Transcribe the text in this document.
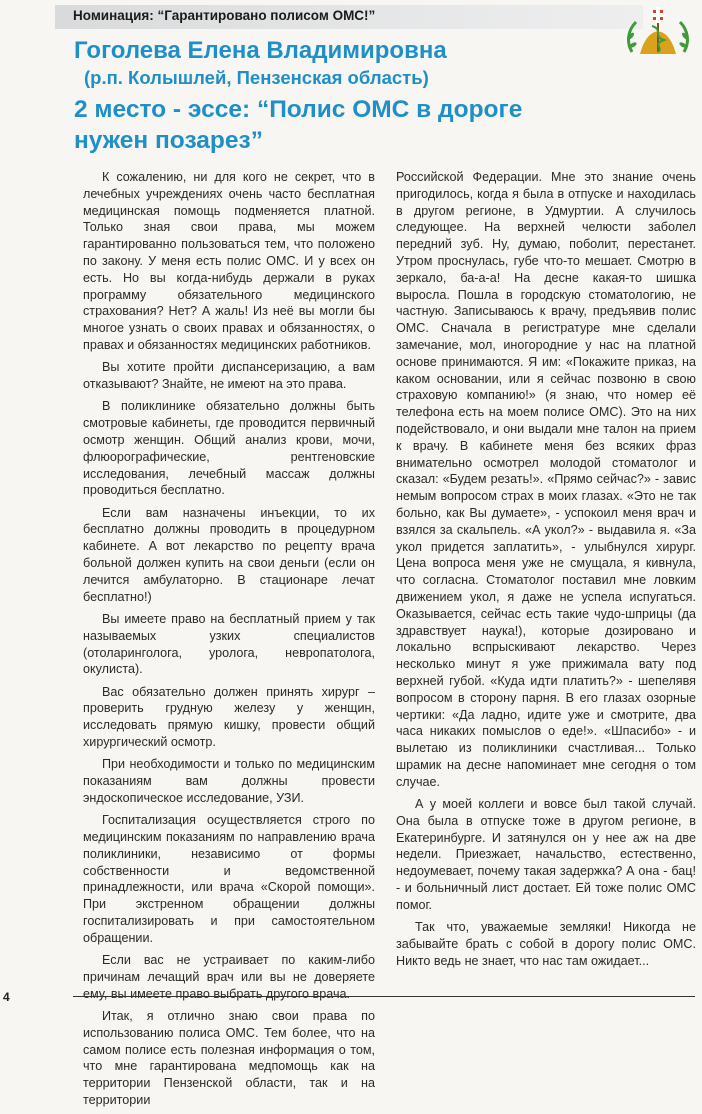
Номинация: “Гарантировано полисом ОМС!”
Гоголева Елена Владимировна
(р.п. Колышлей, Пензенская область)
2 место - эссе: “Полис ОМС в дороге нужен позарез”

К сожалению, ни для кого не секрет, что в лечебных учреждениях очень часто бесплатная медицинская помощь подменяется платной. Только зная свои права, мы можем гарантированно пользоваться тем, что положено по закону. У меня есть полис ОМС. И у всех он есть. Но вы когда-нибудь держали в руках программу обязательного медицинского страхования? Нет? А жаль! Из неё вы могли бы многое узнать о своих правах и обязанностях, о правах и обязанностях медицинских работников.

Вы хотите пройти диспансеризацию, а вам отказывают? Знайте, не имеют на это права.

В поликлинике обязательно должны быть смотровые кабинеты, где проводится первичный осмотр женщин. Общий анализ крови, мочи, флюорографические, рентгеновские исследования, лечебный массаж должны проводиться бесплатно.

Если вам назначены инъекции, то их бесплатно должны проводить в процедурном кабинете. А вот лекарство по рецепту врача больной должен купить на свои деньги (если он лечится амбулаторно. В стационаре лечат бесплатно!)

Вы имеете право на бесплатный прием у так называемых узких специалистов (отоларинголога, уролога, невропатолога, окулиста).

Вас обязательно должен принять хирург – проверить грудную железу у женщин, исследовать прямую кишку, провести общий хирургический осмотр.

При необходимости и только по медицинским показаниям вам должны провести эндоскопическое исследование, УЗИ.

Госпитализация осуществляется строго по медицинским показаниям по направлению врача поликлиники, независимо от формы собственности и ведомственной принадлежности, или врача «Скорой помощи». При экстренном обращении должны госпитализировать и при самостоятельном обращении.

Если вас не устраивает по каким-либо причинам лечащий врач или вы не доверяете ему, вы имеете право выбрать другого врача.

Итак, я отлично знаю свои права по использованию полиса ОМС. Тем более, что на самом полисе есть полезная информация о том, что мне гарантирована медпомощь как на территории Пензенской области, так и на территории

Российской Федерации. Мне это знание очень пригодилось, когда я была в отпуске и находилась в другом регионе, в Удмуртии. А случилось следующее. На верхней челюсти заболел передний зуб. Ну, думаю, поболит, перестанет. Утром проснулась, губе что-то мешает. Смотрю в зеркало, ба-а-а! На десне какая-то шишка выросла. Пошла в городскую стоматологию, не частную. Записываюсь к врачу, предъявив полис ОМС. Сначала в регистратуре мне сделали замечание, мол, иногородние у нас на платной основе принимаются. Я им: «Покажите приказ, на каком основании, или я сейчас позвоню в свою страховую компанию!» (я знаю, что номер её телефона есть на моем полисе ОМС). Это на них подействовало, и они выдали мне талон на прием к врачу. В кабинете меня без всяких фраз внимательно осмотрел молодой стоматолог и сказал: «Будем резать!». «Прямо сейчас?» - завис немым вопросом страх в моих глазах. «Это не так больно, как Вы думаете», - успокоил меня врач и взялся за скальпель. «А укол?» - выдавила я. «За укол придется заплатить», - улыбнулся хирург. Цена вопроса меня уже не смущала, я кивнула, что согласна. Стоматолог поставил мне ловким движением укол, я даже не успела испугаться. Оказывается, сейчас есть такие чудо-шприцы (да здравствует наука!), которые дозировано и локально вспрыскивают лекарство. Через несколько минут я уже прижимала вату под верхней губой. «Куда идти платить?» - шепелявя вопросом в сторону парня. В его глазах озорные чертики: «Да ладно, идите уже и смотрите, два часа никаких помыслов о еде!». «Шпасибо» - и вылетаю из поликлиники счастливая... Только шрамик на десне напоминает мне сегодня о том случае.

А у моей коллеги и вовсе был такой случай. Она была в отпуске тоже в другом регионе, в Екатеринбурге. И затянулся он у нее аж на две недели. Приезжает, начальство, естественно, недоумевает, почему такая задержка? А она - бац! - и больничный лист достает. Ей тоже полис ОМС помог.

Так что, уважаемые земляки! Никогда не забывайте брать с собой в дорогу полис ОМС. Никто ведь не знает, что нас там ожидает...

4
